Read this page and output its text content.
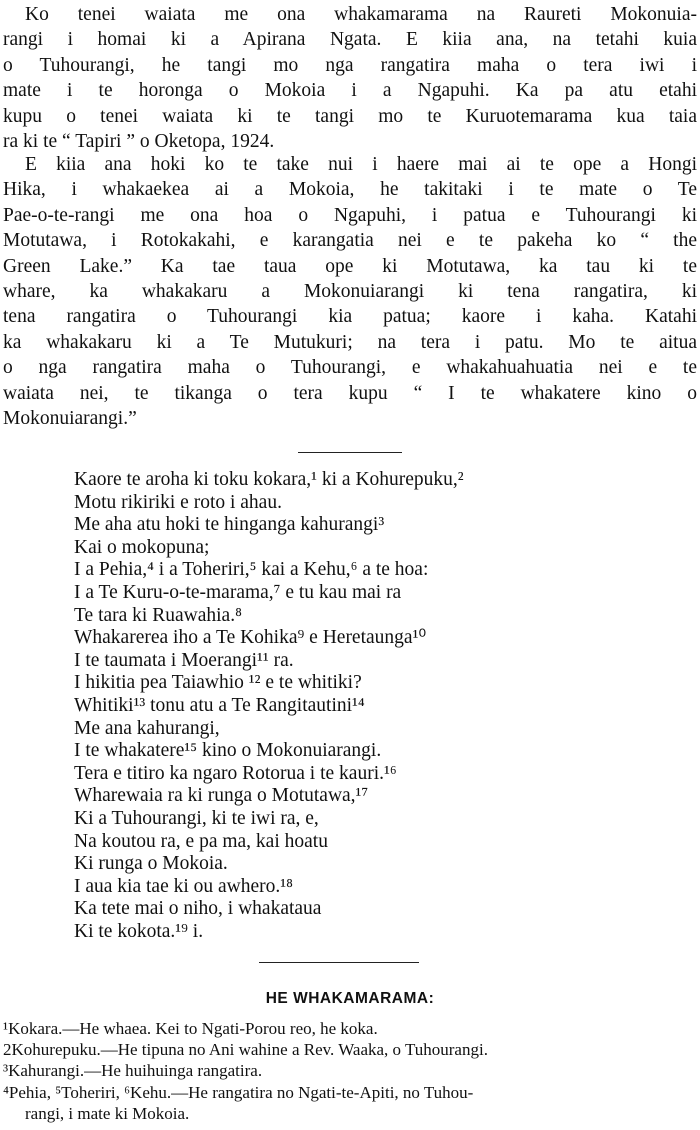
Ko tenei waiata me ona whakamarama na Raureti Mokonuia-
rangi i homai ki a Apirana Ngata. E kiia ana, na tetahi kuia
o Tuhourangi, he tangi mo nga rangatira maha o tera iwi i
mate i te horonga o Mokoia i a Ngapuhi. Ka pa atu etahi
kupu o tenei waiata ki te tangi mo te Kuruotemarama kua taia
ra ki te “ Tapiri ” o Oketopa, 1924.
E kiia ana hoki ko te take nui i haere mai ai te ope a Hongi
Hika, i whakaekea ai a Mokoia, he takitaki i te mate o Te
Pae-o-te-rangi me ona hoa o Ngapuhi, i patua e Tuhourangi ki
Motutawa, i Rotokakahi, e karangatia nei e te pakeha ko “ the
Green Lake.” Ka tae taua ope ki Motutawa, ka tau ki te
whare, ka whakakaru a Mokonuiarangi ki tena rangatira, ki
tena rangatira o Tuhourangi kia patua; kaore i kaha. Katahi
ka whakakaru ki a Te Mutukuri; na tera i patu. Mo te aitua
o nga rangatira maha o Tuhourangi, e whakahuahuatia nei e te
waiata nei, te tikanga o tera kupu “ I te whakatere kino o
Mokonuiarangi.”
Kaore te aroha ki toku kokara,¹ ki a Kohurepuku,²
Motu rikiriki e roto i ahau.
Me aha atu hoki te hinganga kahurangi³
Kai o mokopuna;
I a Pehia,⁴ i a Toheriri,⁵ kai a Kehu,⁶ a te hoa:
I a Te Kuru-o-te-marama,⁷ e tu kau mai ra
Te tara ki Ruawahia.⁸
Whakarerea iho a Te Kohika⁹ e Heretaunga¹⁰
I te taumata i Moerangi¹¹ ra.
I hikitia pea Taiawhio ¹² e te whitiki?
Whitiki¹³ tonu atu a Te Rangitautini¹⁴
Me ana kahurangi,
I te whakatere¹⁵ kino o Mokonuiarangi.
Tera e titiro ka ngaro Rotorua i te kauri.¹⁶
Wharewaia ra ki runga o Motutawa,¹⁷
Ki a Tuhourangi, ki te iwi ra, e,
Na koutou ra, e pa ma, kai hoatu
Ki runga o Mokoia.
I aua kia tae ki ou awhero.¹⁸
Ka tete mai o niho, i whakataua
Ki te kokota.¹⁹ i.
HE WHAKAMARAMA:
¹Kokara.—He whaea. Kei to Ngati-Porou reo, he koka.
2Kohurepuku.—He tipuna no Ani wahine a Rev. Waaka, o Tuhourangi.
³Kahurangi.—He huihuinga rangatira.
⁴Pehia, ⁵Toheriri, ⁶Kehu.—He rangatira no Ngati-te-Apiti, no Tuhou-
rangi, i mate ki Mokoia.
